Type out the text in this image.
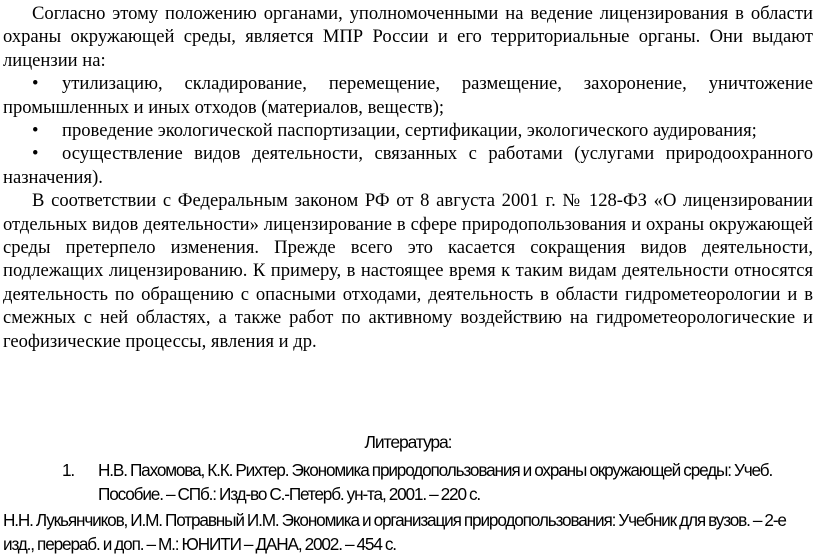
Согласно этому положению органами, уполномоченными на ведение лицензирования в области охраны окружающей среды, является МПР России и его территориальные органы. Они выдают лицензии на:

• утилизацию, складирование, перемещение, размещение, захоронение, уничтожение промышленных и иных отходов (материалов, веществ);

• проведение экологической паспортизации, сертификации, экологического аудирования;

• осуществление видов деятельности, связанных с работами (услугами природоохранного назначения).

В соответствии с Федеральным законом РФ от 8 августа 2001 г. № 128-ФЗ «О лицензировании отдельных видов деятельности» лицензирование в сфере природопользования и охраны окружающей среды претерпело изменения. Прежде всего это касается сокращения видов деятельности, подлежащих лицензированию. К примеру, в настоящее время к таким видам деятельности относятся деятельность по обращению с опасными отходами, деятельность в области гидрометеорологии и в смежных с ней областях, а также работ по активному воздействию на гидрометеорологические и геофизические процессы, явления и др.

Литература:

1. Н.В. Пахомова, К.К. Рихтер. Экономика природопользования и охраны окружающей среды: Учеб. Пособие. – СПб.: Изд-во С.-Петерб. ун-та, 2001. – 220 с.

Н.Н. Лукьянчиков, И.М. Потравный И.М. Экономика и организация природопользования: Учебник для вузов. – 2-е изд., перераб. и доп. – М.: ЮНИТИ – ДАНА, 2002. – 454 с.
